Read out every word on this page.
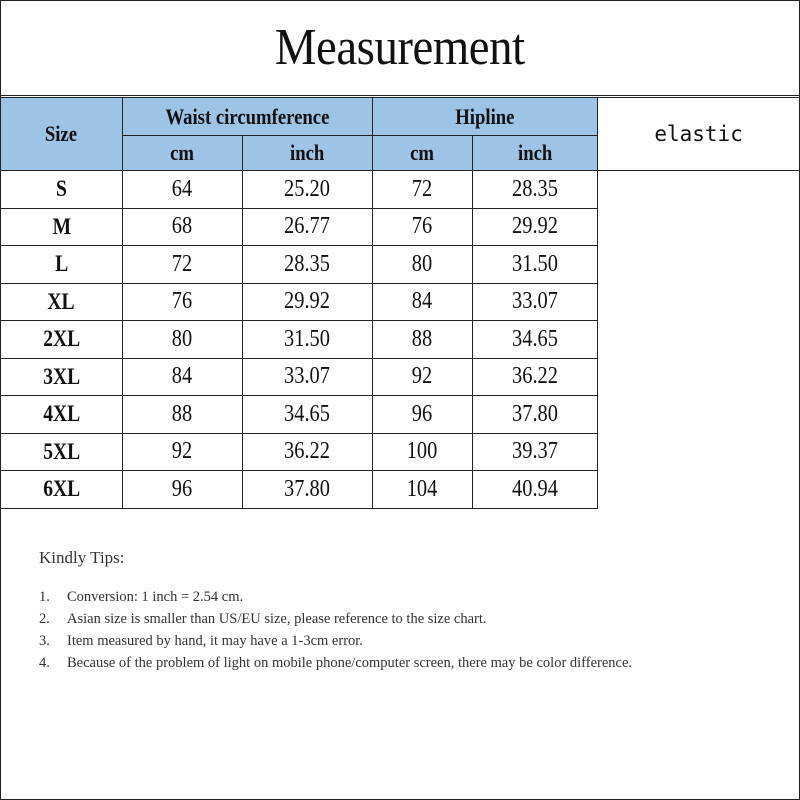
Measurement
Size	Waist circumference		Hipline		elastic
	cm	inch	cm	inch	
S	64	25.20	72	28.35	
M	68	26.77	76	29.92	
L	72	28.35	80	31.50	
XL	76	29.92	84	33.07	
2XL	80	31.50	88	34.65	
3XL	84	33.07	92	36.22	
4XL	88	34.65	96	37.80	
5XL	92	36.22	100	39.37	
6XL	96	37.80	104	40.94	
Kindly Tips:
1.	Conversion: 1 inch = 2.54 cm.
2.	Asian size is smaller than US/EU size, please reference to the size chart.
3.	Item measured by hand, it may have a 1-3cm error.
4.	Because of the problem of light on mobile phone/computer screen, there may be color difference.
